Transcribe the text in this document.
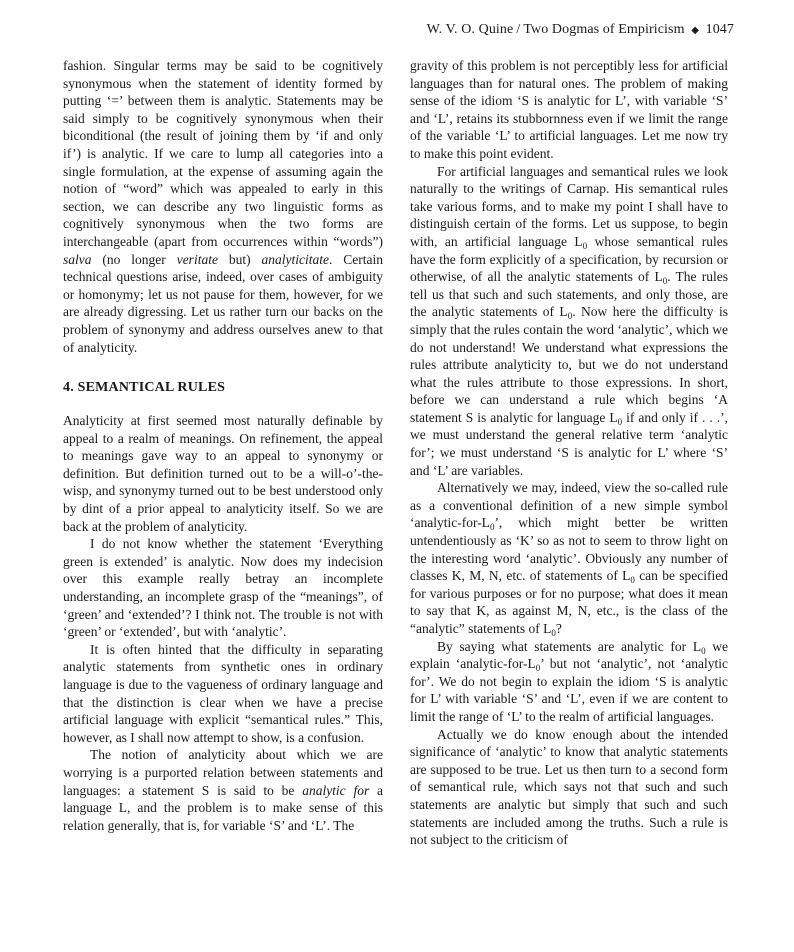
W. V. O. Quine / Two Dogmas of Empiricism ◆ 1047

fashion. Singular terms may be said to be cognitively synonymous when the statement of identity formed by putting ‘=’ between them is analytic. Statements may be said simply to be cognitively synonymous when their biconditional (the result of joining them by ‘if and only if’) is analytic. If we care to lump all categories into a single formulation, at the expense of assuming again the notion of “word” which was appealed to early in this section, we can describe any two linguistic forms as cognitively synonymous when the two forms are interchangeable (apart from occurrences within “words”) salva (no longer veritate but) analyticitate. Certain technical questions arise, indeed, over cases of ambiguity or homonymy; let us not pause for them, however, for we are already digressing. Let us rather turn our backs on the problem of synonymy and address ourselves anew to that of analyticity.

4. SEMANTICAL RULES

Analyticity at first seemed most naturally definable by appeal to a realm of meanings. On refinement, the appeal to meanings gave way to an appeal to synonymy or definition. But definition turned out to be a will-o’-the-wisp, and synonymy turned out to be best understood only by dint of a prior appeal to analyticity itself. So we are back at the problem of analyticity.

I do not know whether the statement ‘Everything green is extended’ is analytic. Now does my indecision over this example really betray an incomplete understanding, an incomplete grasp of the “meanings”, of ‘green’ and ‘extended’? I think not. The trouble is not with ‘green’ or ‘extended’, but with ‘analytic’.

It is often hinted that the difficulty in separating analytic statements from synthetic ones in ordinary language is due to the vagueness of ordinary language and that the distinction is clear when we have a precise artificial language with explicit “semantical rules.” This, however, as I shall now attempt to show, is a confusion.

The notion of analyticity about which we are worrying is a purported relation between statements and languages: a statement S is said to be analytic for a language L, and the problem is to make sense of this relation generally, that is, for variable ‘S’ and ‘L’. The

gravity of this problem is not perceptibly less for artificial languages than for natural ones. The problem of making sense of the idiom ‘S is analytic for L’, with variable ‘S’ and ‘L’, retains its stubbornness even if we limit the range of the variable ‘L’ to artificial languages. Let me now try to make this point evident.

For artificial languages and semantical rules we look naturally to the writings of Carnap. His semantical rules take various forms, and to make my point I shall have to distinguish certain of the forms. Let us suppose, to begin with, an artificial language $L_0$ whose semantical rules have the form explicitly of a specification, by recursion or otherwise, of all the analytic statements of $L_0$. The rules tell us that such and such statements, and only those, are the analytic statements of $L_0$. Now here the difficulty is simply that the rules contain the word ‘analytic’, which we do not understand! We understand what expressions the rules attribute analyticity to, but we do not understand what the rules attribute to those expressions. In short, before we can understand a rule which begins ‘A statement S is analytic for language $L_0$ if and only if . . .’, we must understand the general relative term ‘analytic for’; we must understand ‘S is analytic for L’ where ‘S’ and ‘L’ are variables.

Alternatively we may, indeed, view the so-called rule as a conventional definition of a new simple symbol ‘$analytic-for-L_0$’, which might better be written untendentiously as ‘K’ so as not to seem to throw light on the interesting word ‘analytic’. Obviously any number of classes K, M, N, etc. of statements of $L_0$ can be specified for various purposes or for no purpose; what does it mean to say that K, as against M, N, etc., is the class of the “analytic” statements of $L_0$?

By saying what statements are analytic for $L_0$ we explain ‘$analytic-for-L_0$’ but not ‘analytic’, not ‘analytic for’. We do not begin to explain the idiom ‘S is analytic for L’ with variable ‘S’ and ‘L’, even if we are content to limit the range of ‘L’ to the realm of artificial languages.

Actually we do know enough about the intended significance of ‘analytic’ to know that analytic statements are supposed to be true. Let us then turn to a second form of semantical rule, which says not that such and such statements are analytic but simply that such and such statements are included among the truths. Such a rule is not subject to the criticism of
